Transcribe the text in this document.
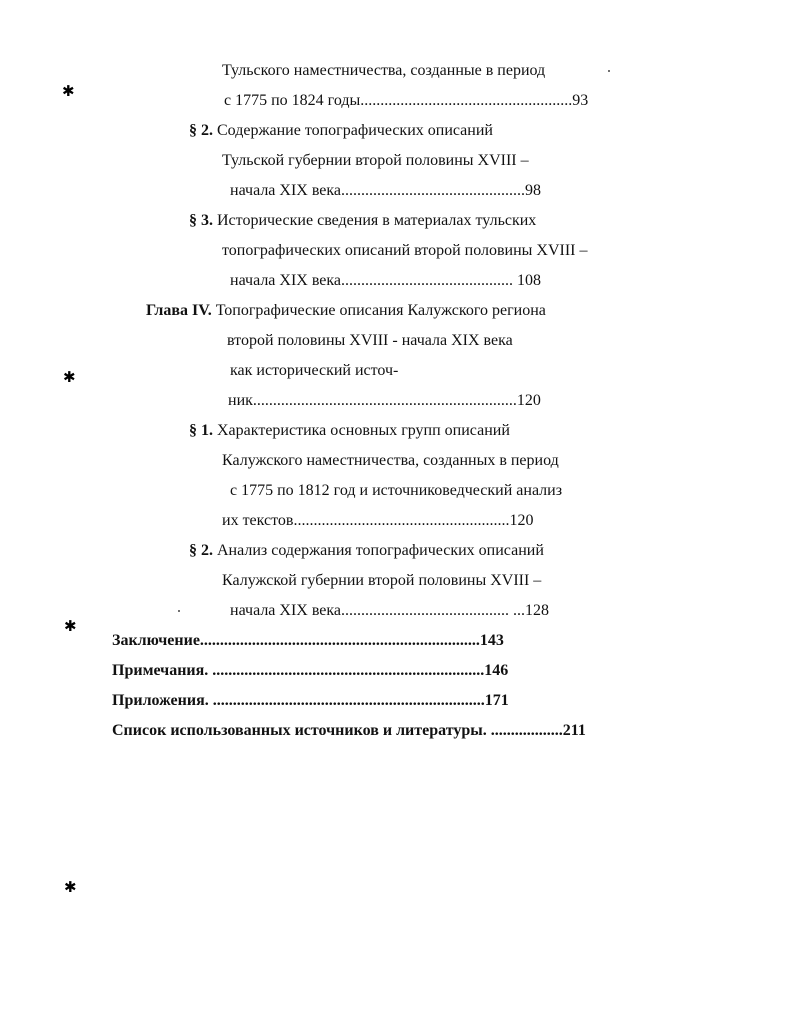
✱
✱
✱
✱
Тульского наместничества, созданные в период
с 1775 по 1824 годы.....................................................93
§ 2. Содержание топографических описаний
Тульской губернии второй половины XVIII –
начала XIX века..............................................98
§ 3. Исторические сведения в материалах тульских
топографических описаний второй половины XVIII –
начала XIX века........................................... 108
Глава IV. Топографические описания Калужского региона
второй половины XVIII - начала XIX века
как исторический источ-
ник..................................................................120
§ 1. Характеристика основных групп описаний
Калужского наместничества, созданных в период
с 1775 по 1812 год и источниковедческий анализ
их текстов......................................................120
§ 2. Анализ содержания топографических описаний
Калужской губернии второй половины XVIII –
начала XIX века.......................................... ...128
Заключение......................................................................143
Примечания. ....................................................................146
Приложения. ....................................................................171
Список использованных источников и литературы. ..................211
